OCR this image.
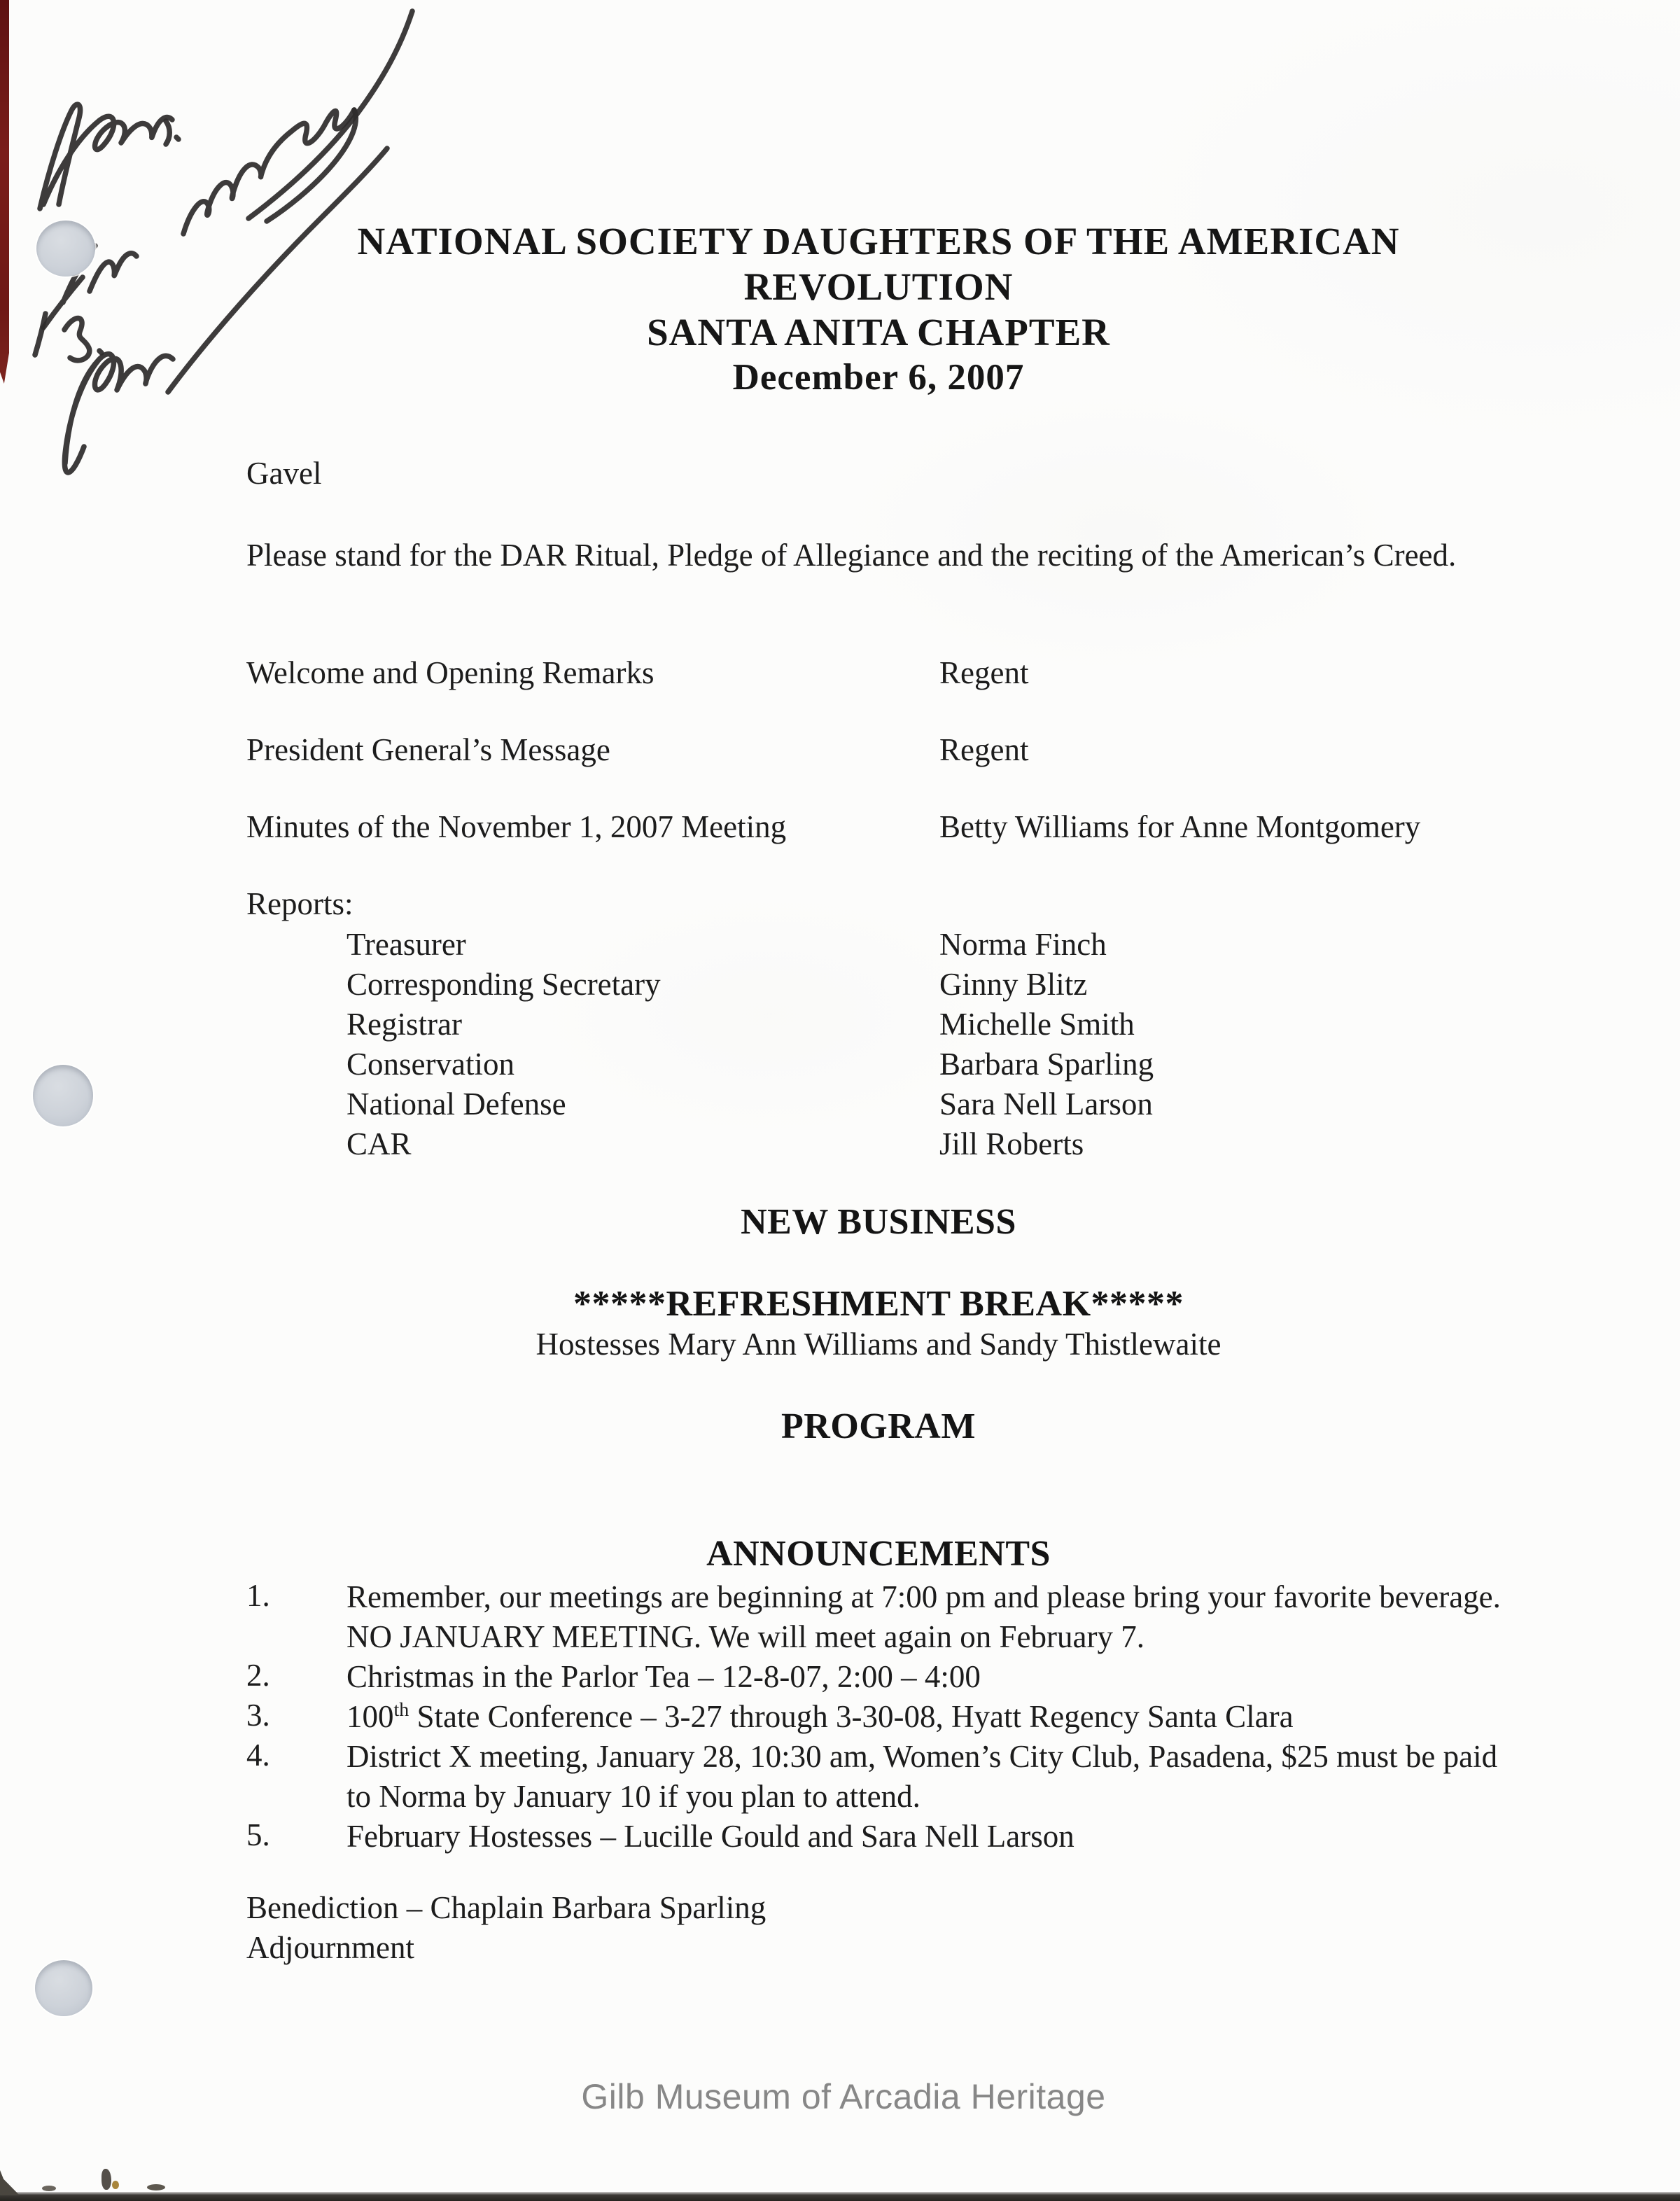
NATIONAL SOCIETY DAUGHTERS OF THE AMERICAN
REVOLUTION
SANTA ANITA CHAPTER
December 6, 2007
Gavel
Please stand for the DAR Ritual, Pledge of Allegiance and the reciting of the American’s Creed.
Welcome and Opening Remarks	Regent
President General’s Message	Regent
Minutes of the November 1, 2007 Meeting	Betty Williams for Anne Montgomery
Reports:
Treasurer	Norma Finch
Corresponding Secretary	Ginny Blitz
Registrar	Michelle Smith
Conservation	Barbara Sparling
National Defense	Sara Nell Larson
CAR	Jill Roberts
NEW BUSINESS
*****REFRESHMENT BREAK*****
Hostesses Mary Ann Williams and Sandy Thistlewaite
PROGRAM
ANNOUNCEMENTS
1. Remember, our meetings are beginning at 7:00 pm and please bring your favorite beverage. NO JANUARY MEETING. We will meet again on February 7.
2. Christmas in the Parlor Tea – 12-8-07, 2:00 – 4:00
3. 100th State Conference – 3-27 through 3-30-08, Hyatt Regency Santa Clara
4. District X meeting, January 28, 10:30 am, Women’s City Club, Pasadena, $25 must be paid to Norma by January 10 if you plan to attend.
5. February Hostesses – Lucille Gould and Sara Nell Larson
Benediction – Chaplain Barbara Sparling
Adjournment
Gilb Museum of Arcadia Heritage
